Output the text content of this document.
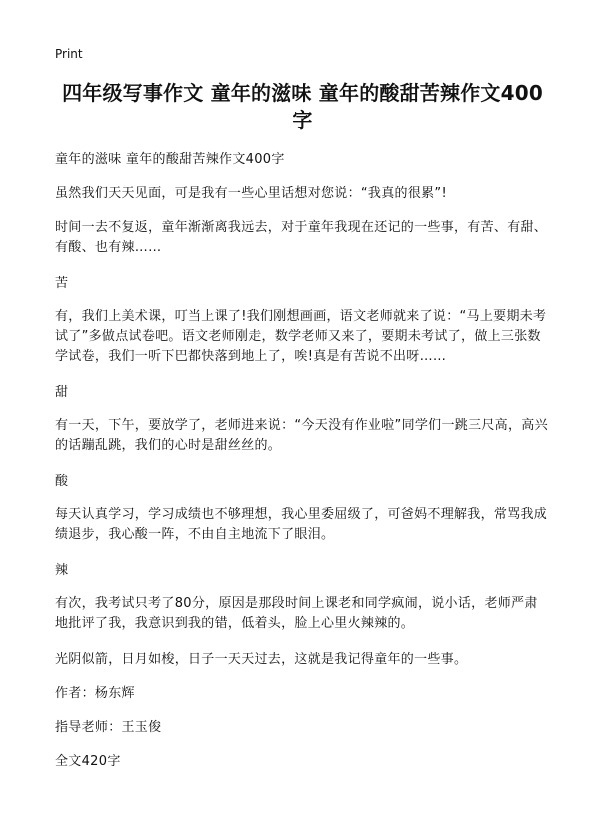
Print
四年级写事作文 童年的滋味 童年的酸甜苦辣作文400字

童年的滋味 童年的酸甜苦辣作文400字

虽然我们天天见面，可是我有一些心里话想对您说：“我真的很累”!

时间一去不复返，童年渐渐离我远去，对于童年我现在还记的一些事，有苦、有甜、有酸、也有辣……

苦

有，我们上美术课，叮当上课了!我们刚想画画，语文老师就来了说：“马上要期未考试了”多做点试卷吧。语文老师刚走，数学老师又来了，要期未考试了，做上三张数学试卷，我们一听下巴都快落到地上了，唉!真是有苦说不出呀……

甜

有一天，下午，要放学了，老师进来说：“今天没有作业啦”同学们一跳三尺高，高兴的话蹦乱跳，我们的心时是甜丝丝的。

酸

每天认真学习，学习成绩也不够理想，我心里委屈级了，可爸妈不理解我，常骂我成绩退步，我心酸一阵，不由自主地流下了眼泪。

辣

有次，我考试只考了80分，原因是那段时间上课老和同学疯闹，说小话，老师严肃地批评了我，我意识到我的错，低着头，脸上心里火辣辣的。

光阴似箭，日月如梭，日子一天天过去，这就是我记得童年的一些事。

作者：杨东辉

指导老师：王玉俊

全文420字
